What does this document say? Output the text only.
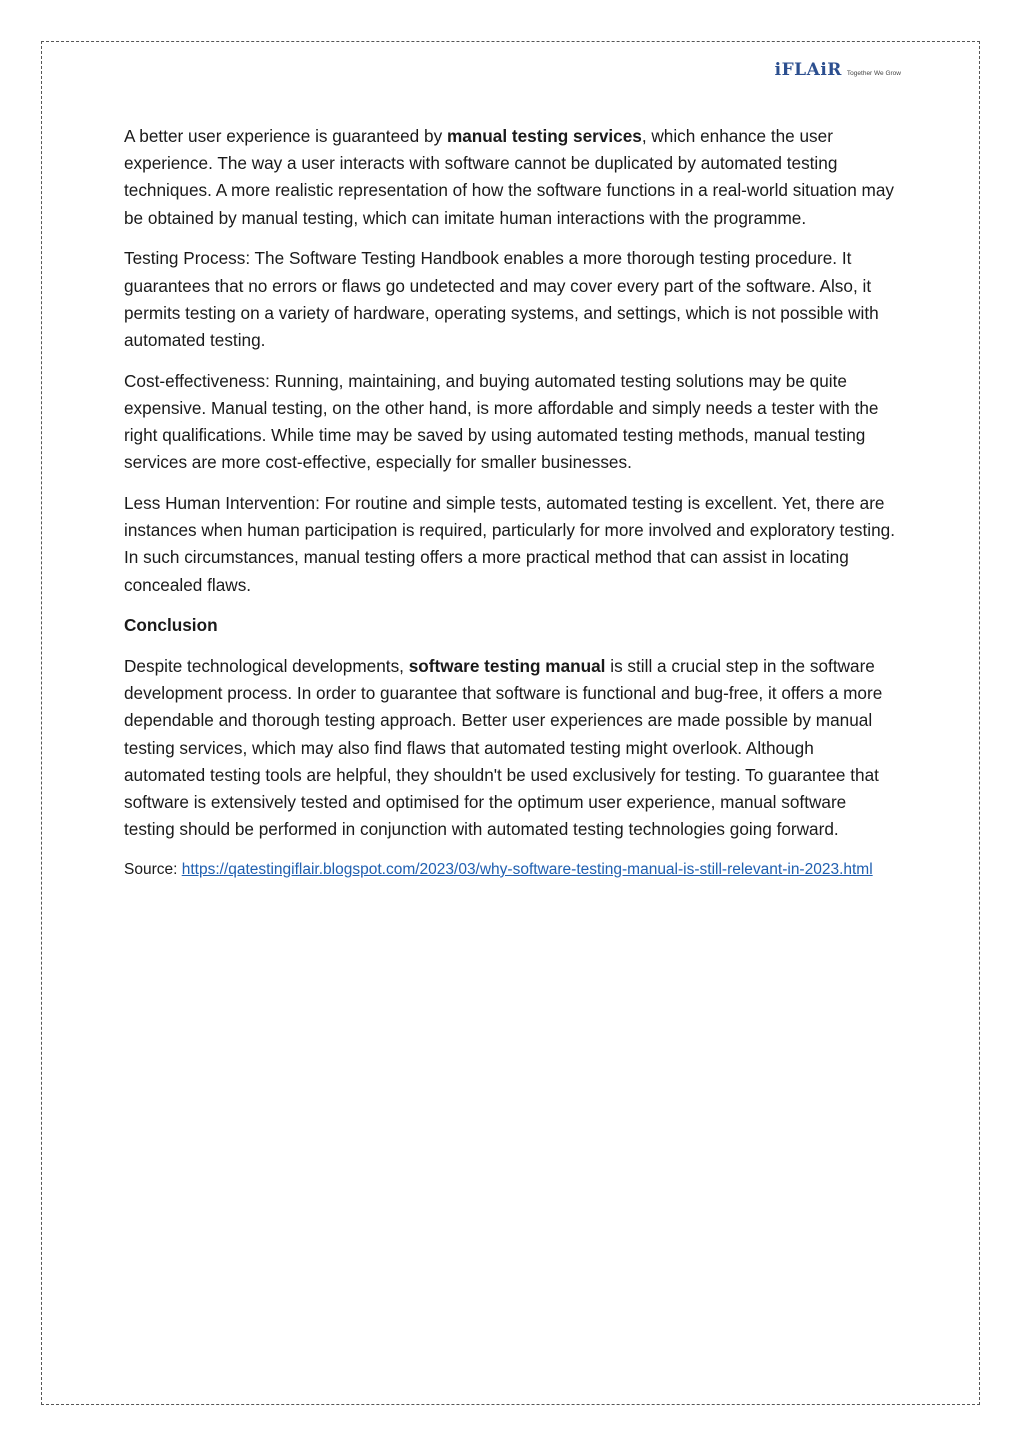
iFLAiR Together We Grow

A better user experience is guaranteed by manual testing services, which enhance the user experience. The way a user interacts with software cannot be duplicated by automated testing techniques. A more realistic representation of how the software functions in a real-world situation may be obtained by manual testing, which can imitate human interactions with the programme.

Testing Process: The Software Testing Handbook enables a more thorough testing procedure. It guarantees that no errors or flaws go undetected and may cover every part of the software. Also, it permits testing on a variety of hardware, operating systems, and settings, which is not possible with automated testing.

Cost-effectiveness: Running, maintaining, and buying automated testing solutions may be quite expensive. Manual testing, on the other hand, is more affordable and simply needs a tester with the right qualifications. While time may be saved by using automated testing methods, manual testing services are more cost-effective, especially for smaller businesses.

Less Human Intervention: For routine and simple tests, automated testing is excellent. Yet, there are instances when human participation is required, particularly for more involved and exploratory testing. In such circumstances, manual testing offers a more practical method that can assist in locating concealed flaws.

Conclusion

Despite technological developments, software testing manual is still a crucial step in the software development process. In order to guarantee that software is functional and bug-free, it offers a more dependable and thorough testing approach. Better user experiences are made possible by manual testing services, which may also find flaws that automated testing might overlook. Although automated testing tools are helpful, they shouldn't be used exclusively for testing. To guarantee that software is extensively tested and optimised for the optimum user experience, manual software testing should be performed in conjunction with automated testing technologies going forward.

Source: https://qatestingiflair.blogspot.com/2023/03/why-software-testing-manual-is-still-relevant-in-2023.html
